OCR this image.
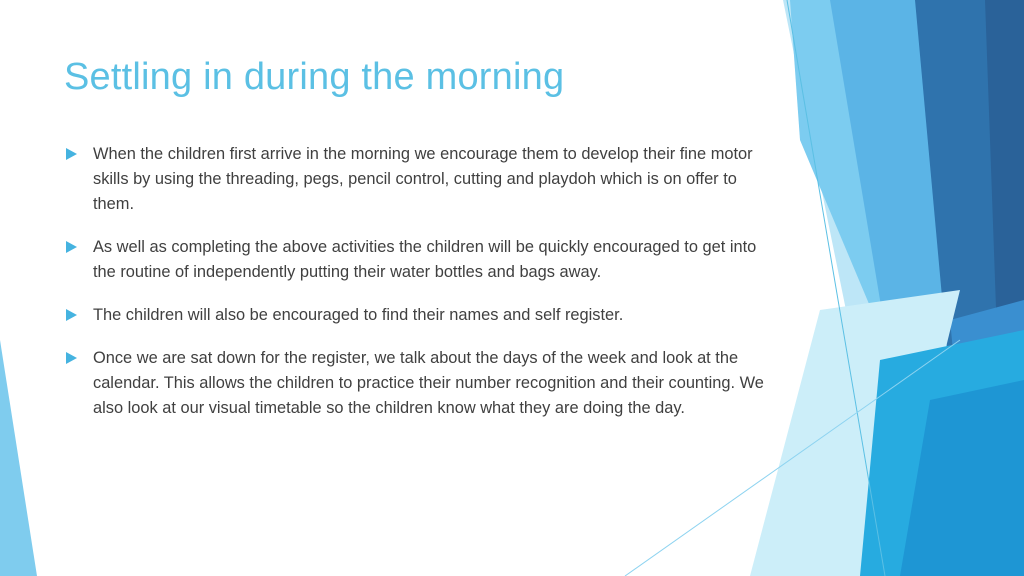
Settling in during the morning
When the children first arrive in the morning we encourage them to develop their fine motor skills by using the threading, pegs, pencil control, cutting and playdoh which is on offer to them.
As well as completing the above activities the children will be quickly encouraged to get into the routine of independently putting their water bottles and bags away.
The children will also be encouraged to find their names and self register.
Once we are sat down for the register, we talk about the days of the week and look at the calendar. This allows the children to practice their number recognition and their counting. We also look at our visual timetable so the children know what they are doing the day.
